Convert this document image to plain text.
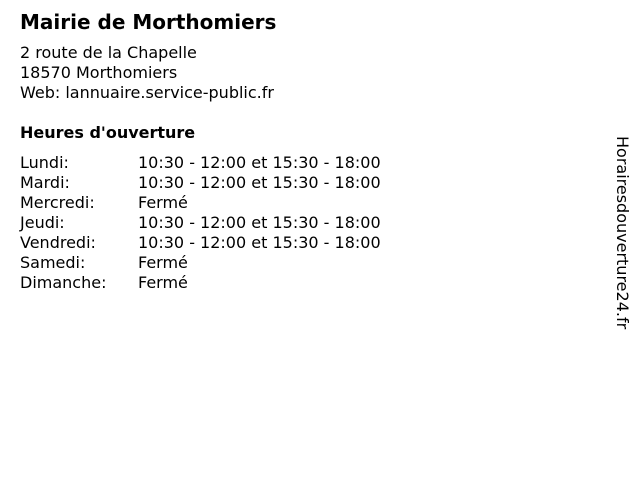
Mairie de Morthomiers
2 route de la Chapelle
18570 Morthomiers
Web: lannuaire.service-public.fr
Heures d'ouverture
Lundi:	10:30 - 12:00 et 15:30 - 18:00
Mardi:	10:30 - 12:00 et 15:30 - 18:00
Mercredi:	Fermé
Jeudi:	10:30 - 12:00 et 15:30 - 18:00
Vendredi:	10:30 - 12:00 et 15:30 - 18:00
Samedi:	Fermé
Dimanche: Fermé	Horairesdouverture24.fr
